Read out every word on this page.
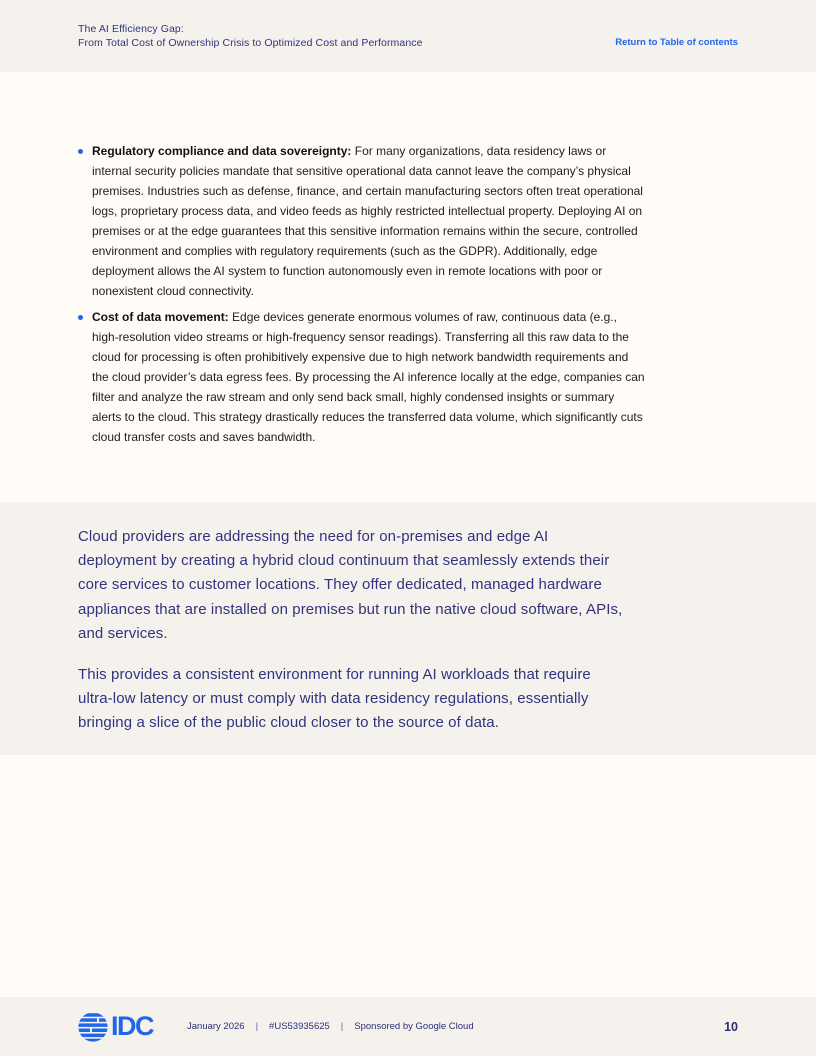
The AI Efficiency Gap:
From Total Cost of Ownership Crisis to Optimized Cost and Performance	Return to Table of contents
Regulatory compliance and data sovereignty: For many organizations, data residency laws or internal security policies mandate that sensitive operational data cannot leave the company’s physical premises. Industries such as defense, finance, and certain manufacturing sectors often treat operational logs, proprietary process data, and video feeds as highly restricted intellectual property. Deploying AI on premises or at the edge guarantees that this sensitive information remains within the secure, controlled environment and complies with regulatory requirements (such as the GDPR). Additionally, edge deployment allows the AI system to function autonomously even in remote locations with poor or nonexistent cloud connectivity.
Cost of data movement: Edge devices generate enormous volumes of raw, continuous data (e.g., high-resolution video streams or high-frequency sensor readings). Transferring all this raw data to the cloud for processing is often prohibitively expensive due to high network bandwidth requirements and the cloud provider’s data egress fees. By processing the AI inference locally at the edge, companies can filter and analyze the raw stream and only send back small, highly condensed insights or summary alerts to the cloud. This strategy drastically reduces the transferred data volume, which significantly cuts cloud transfer costs and saves bandwidth.

Cloud providers are addressing the need for on-premises and edge AI deployment by creating a hybrid cloud continuum that seamlessly extends their core services to customer locations. They offer dedicated, managed hardware appliances that are installed on premises but run the native cloud software, APIs, and services.

This provides a consistent environment for running AI workloads that require ultra-low latency or must comply with data residency regulations, essentially bringing a slice of the public cloud closer to the source of data.

IDC	January 2026 | #US53935625 | Sponsored by Google Cloud	10
